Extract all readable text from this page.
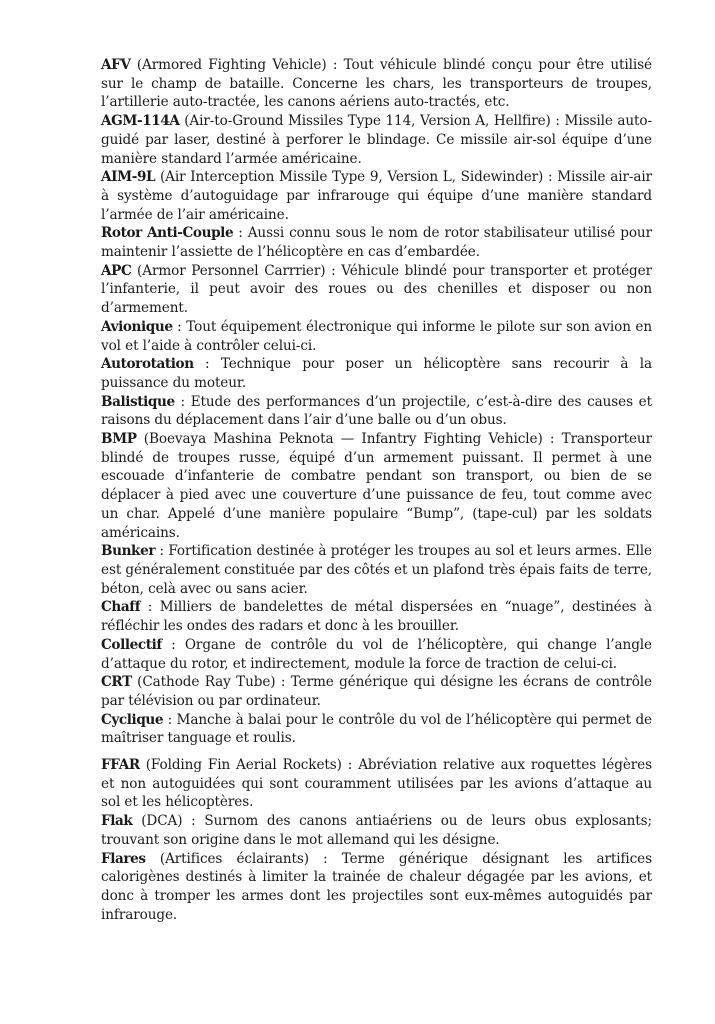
AFV (Armored Fighting Vehicle) : Tout véhicule blindé conçu pour être utilisé sur le champ de bataille. Concerne les chars, les transporteurs de troupes, l’artillerie auto-tractée, les canons aériens auto-tractés, etc.

AGM-114A (Air-to-Ground Missiles Type 114, Version A, Hellfire) : Missile auto-guidé par laser, destiné à perforer le blindage. Ce missile air-sol équipe d’une manière standard l’armée américaine.

AIM-9L (Air Interception Missile Type 9, Version L, Sidewinder) : Missile air-air à système d’autoguidage par infrarouge qui équipe d’une manière standard l’armée de l’air américaine.

Rotor Anti-Couple : Aussi connu sous le nom de rotor stabilisateur utilisé pour maintenir l’assiette de l’hélicoptère en cas d’embardée.

APC (Armor Personnel Carrrier) : Véhicule blindé pour transporter et protéger l’infanterie, il peut avoir des roues ou des chenilles et disposer ou non d’armement.

Avionique : Tout équipement électronique qui informe le pilote sur son avion en vol et l’aide à contrôler celui-ci.

Autorotation : Technique pour poser un hélicoptère sans recourir à la puissance du moteur.

Balistique : Etude des performances d’un projectile, c’est-à-dire des causes et raisons du déplacement dans l’air d’une balle ou d’un obus.

BMP (Boevaya Mashina Peknota — Infantry Fighting Vehicle) : Transporteur blindé de troupes russe, équipé d’un armement puissant. Il permet à une escouade d’infanterie de combatre pendant son transport, ou bien de se déplacer à pied avec une couverture d’une puissance de feu, tout comme avec un char. Appelé d’une manière populaire “Bump”, (tape-cul) par les soldats américains.

Bunker : Fortification destinée à protéger les troupes au sol et leurs armes. Elle est généralement constituée par des côtés et un plafond très épais faits de terre, béton, celà avec ou sans acier.

Chaff : Milliers de bandelettes de métal dispersées en “nuage”, destinées à réfléchir les ondes des radars et donc à les brouiller.

Collectif : Organe de contrôle du vol de l’hélicoptère, qui change l’angle d’attaque du rotor, et indirectement, module la force de traction de celui-ci.

CRT (Cathode Ray Tube) : Terme générique qui désigne les écrans de contrôle par télévision ou par ordinateur.

Cyclique : Manche à balai pour le contrôle du vol de l’hélicoptère qui permet de maîtriser tanguage et roulis.

FFAR (Folding Fin Aerial Rockets) : Abréviation relative aux roquettes légères et non autoguidées qui sont couramment utilisées par les avions d’attaque au sol et les hélicoptères.

Flak (DCA) : Surnom des canons antiaériens ou de leurs obus explosants; trouvant son origine dans le mot allemand qui les désigne.

Flares (Artifices éclairants) : Terme générique désignant les artifices calorigènes destinés à limiter la trainée de chaleur dégagée par les avions, et donc à tromper les armes dont les projectiles sont eux-mêmes autoguidés par infrarouge.
